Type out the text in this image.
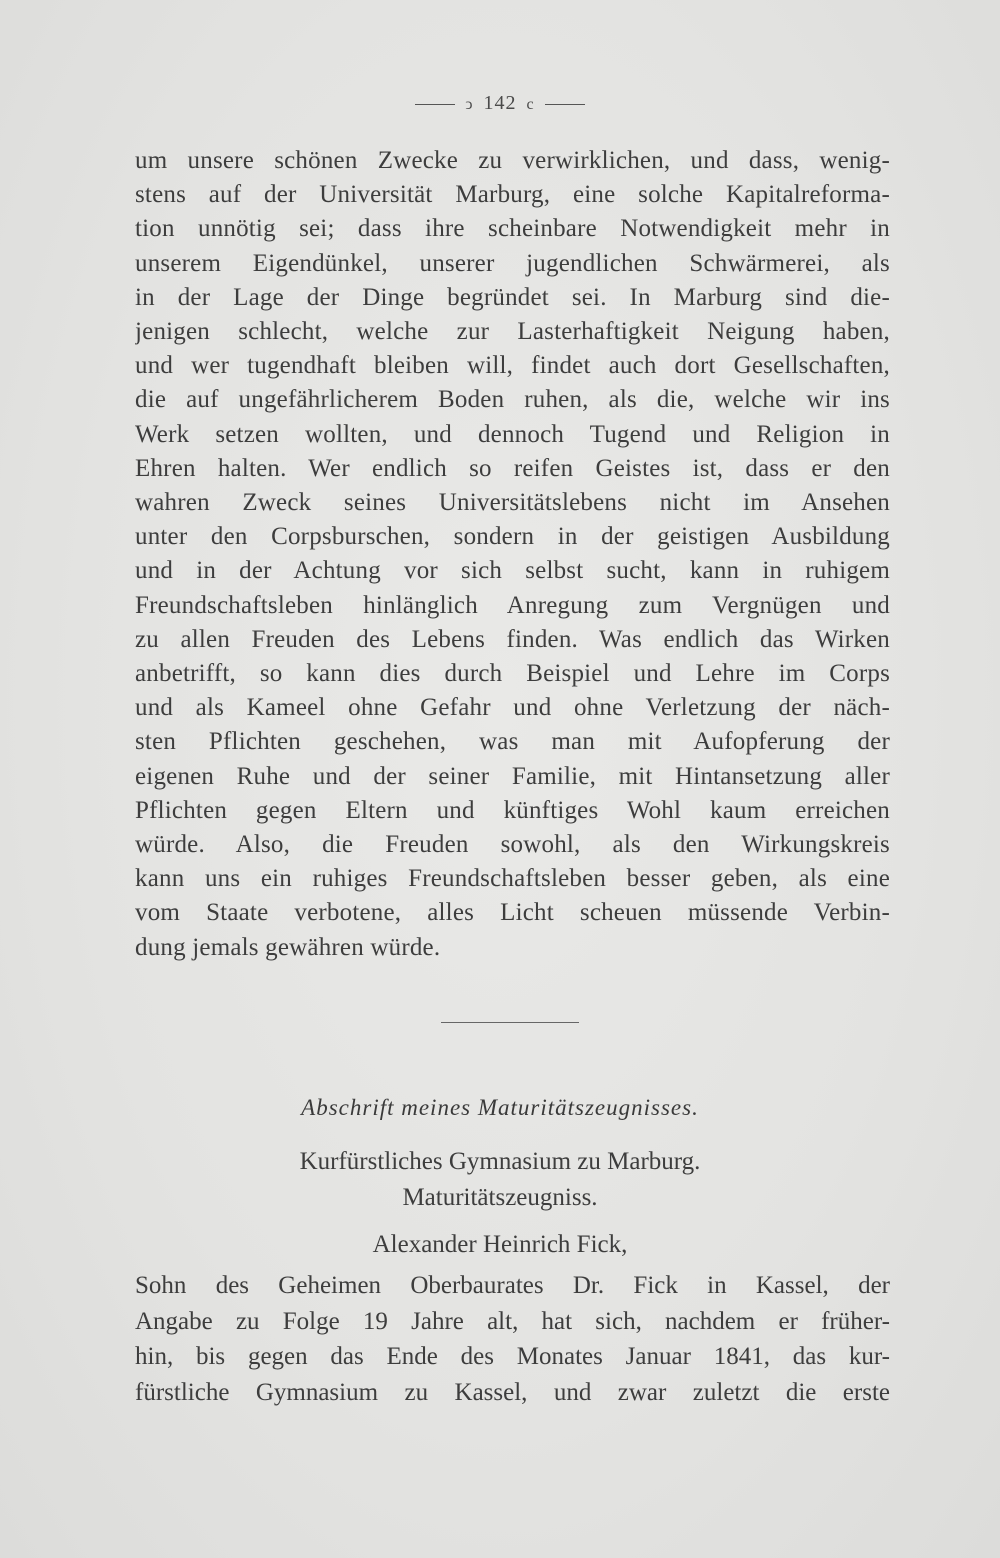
ↄ 142 c
um unsere schönen Zwecke zu verwirklichen, und dass, wenig-
stens auf der Universität Marburg, eine solche Kapitalreforma-
tion unnötig sei; dass ihre scheinbare Notwendigkeit mehr in
unserem Eigendünkel, unserer jugendlichen Schwärmerei, als
in der Lage der Dinge begründet sei. In Marburg sind die-
jenigen schlecht, welche zur Lasterhaftigkeit Neigung haben,
und wer tugendhaft bleiben will, findet auch dort Gesellschaften,
die auf ungefährlicherem Boden ruhen, als die, welche wir ins
Werk setzen wollten, und dennoch Tugend und Religion in
Ehren halten. Wer endlich so reifen Geistes ist, dass er den
wahren Zweck seines Universitätslebens nicht im Ansehen
unter den Corpsburschen, sondern in der geistigen Ausbildung
und in der Achtung vor sich selbst sucht, kann in ruhigem
Freundschaftsleben hinlänglich Anregung zum Vergnügen und
zu allen Freuden des Lebens finden. Was endlich das Wirken
anbetrifft, so kann dies durch Beispiel und Lehre im Corps
und als Kameel ohne Gefahr und ohne Verletzung der näch-
sten Pflichten geschehen, was man mit Aufopferung der
eigenen Ruhe und der seiner Familie, mit Hintansetzung aller
Pflichten gegen Eltern und künftiges Wohl kaum erreichen
würde. Also, die Freuden sowohl, als den Wirkungskreis
kann uns ein ruhiges Freundschaftsleben besser geben, als eine
vom Staate verbotene, alles Licht scheuen müssende Verbin-
dung jemals gewähren würde.
Abschrift meines Maturitätszeugnisses.
Kurfürstliches Gymnasium zu Marburg.
Maturitätszeugniss.
Alexander Heinrich Fick,
Sohn des Geheimen Oberbaurates Dr. Fick in Kassel, der
Angabe zu Folge 19 Jahre alt, hat sich, nachdem er früher-
hin, bis gegen das Ende des Monates Januar 1841, das kur-
fürstliche Gymnasium zu Kassel, und zwar zuletzt die erste
